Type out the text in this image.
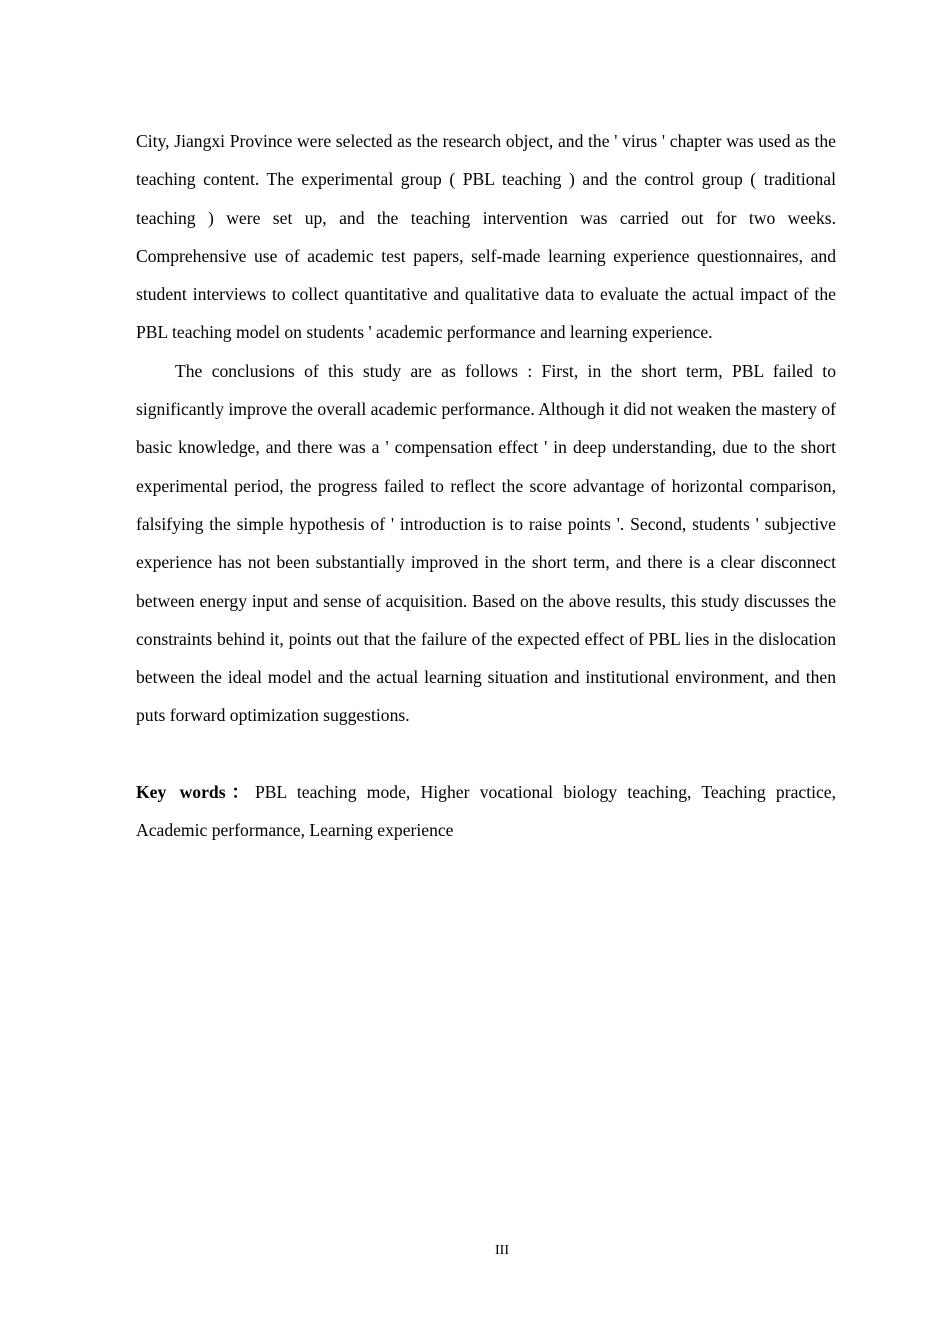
City, Jiangxi Province were selected as the research object, and the ' virus ' chapter was used as the teaching content. The experimental group ( PBL teaching ) and the control group ( traditional teaching ) were set up, and the teaching intervention was carried out for two weeks. Comprehensive use of academic test papers, self-made learning experience questionnaires, and student interviews to collect quantitative and qualitative data to evaluate the actual impact of the PBL teaching model on students ' academic performance and learning experience.

The conclusions of this study are as follows : First, in the short term, PBL failed to significantly improve the overall academic performance. Although it did not weaken the mastery of basic knowledge, and there was a ' compensation effect ' in deep understanding, due to the short experimental period, the progress failed to reflect the score advantage of horizontal comparison, falsifying the simple hypothesis of ' introduction is to raise points '. Second, students ' subjective experience has not been substantially improved in the short term, and there is a clear disconnect between energy input and sense of acquisition. Based on the above results, this study discusses the constraints behind it, points out that the failure of the expected effect of PBL lies in the dislocation between the ideal model and the actual learning situation and institutional environment, and then puts forward optimization suggestions.

Key words：PBL teaching mode, Higher vocational biology teaching, Teaching practice, Academic performance, Learning experience

III
